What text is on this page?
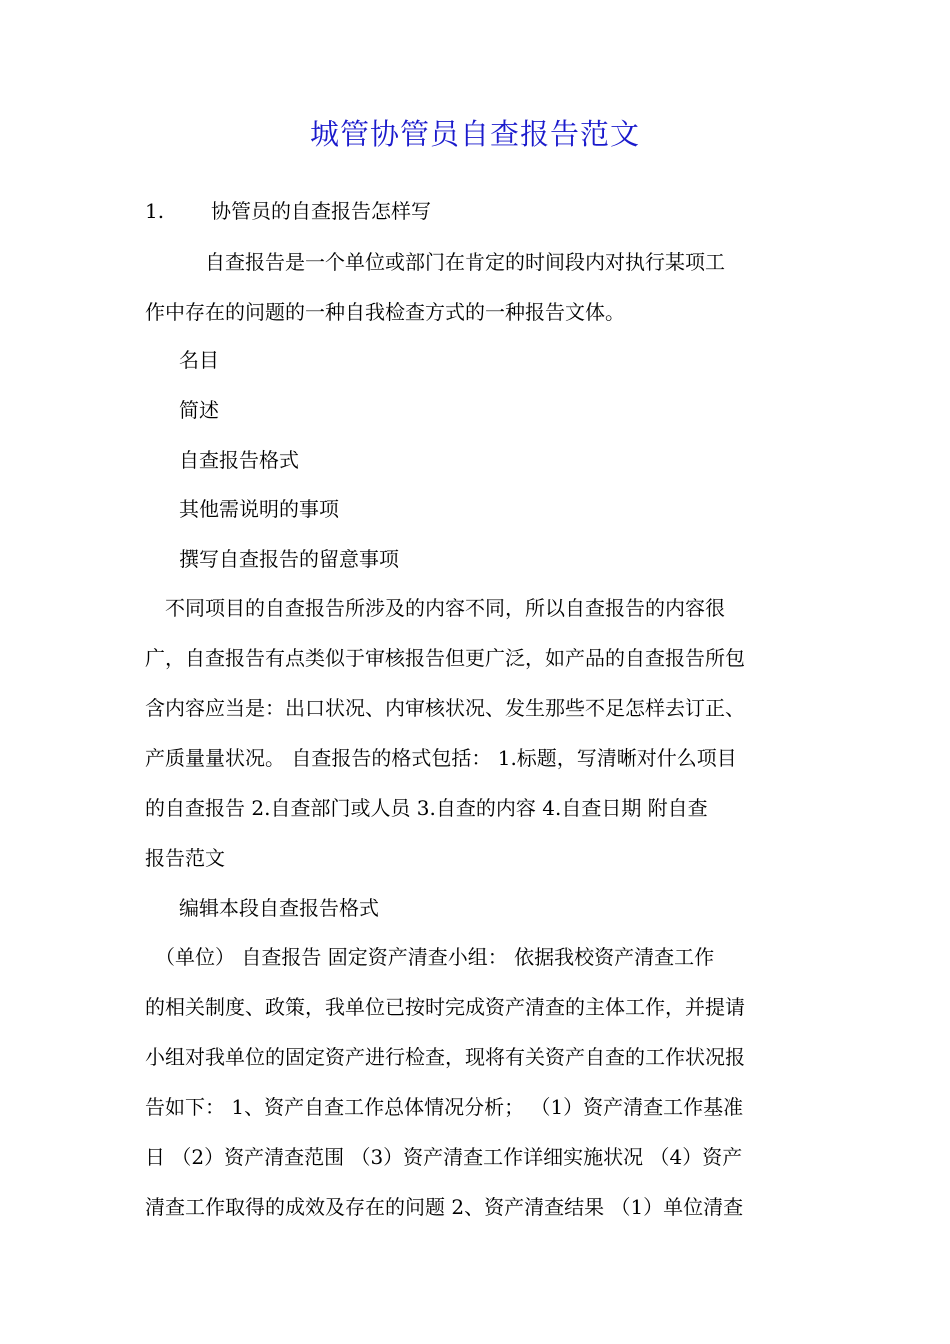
城管协管员自查报告范文
1. 协管员的自查报告怎样写
　　　自查报告是一个单位或部门在肯定的时间段内对执行某项工
作中存在的问题的一种自我检查方式的一种报告文体。
名目
简述
自查报告格式
其他需说明的事项
撰写自查报告的留意事项
　不同项目的自查报告所涉及的内容不同，所以自查报告的内容很
广，自查报告有点类似于审核报告但更广泛，如产品的自查报告所包
含内容应当是：出口状况、内审核状况、发生那些不足怎样去订正、
产质量量状况。 自查报告的格式包括： 1.标题，写清晰对什么项目
的自查报告 2.自查部门或人员 3.自查的内容 4.自查日期 附自查
报告范文
编辑本段自查报告格式
　（单位） 自查报告 固定资产清查小组： 依据我校资产清查工作
的相关制度、政策，我单位已按时完成资产清查的主体工作，并提请
小组对我单位的固定资产进行检查，现将有关资产自查的工作状况报
告如下： 1、资产自查工作总体情况分析； （1）资产清查工作基准
日 （2）资产清查范围 （3）资产清查工作详细实施状况 （4）资产
清查工作取得的成效及存在的问题 2、资产清查结果 （1）单位清查
